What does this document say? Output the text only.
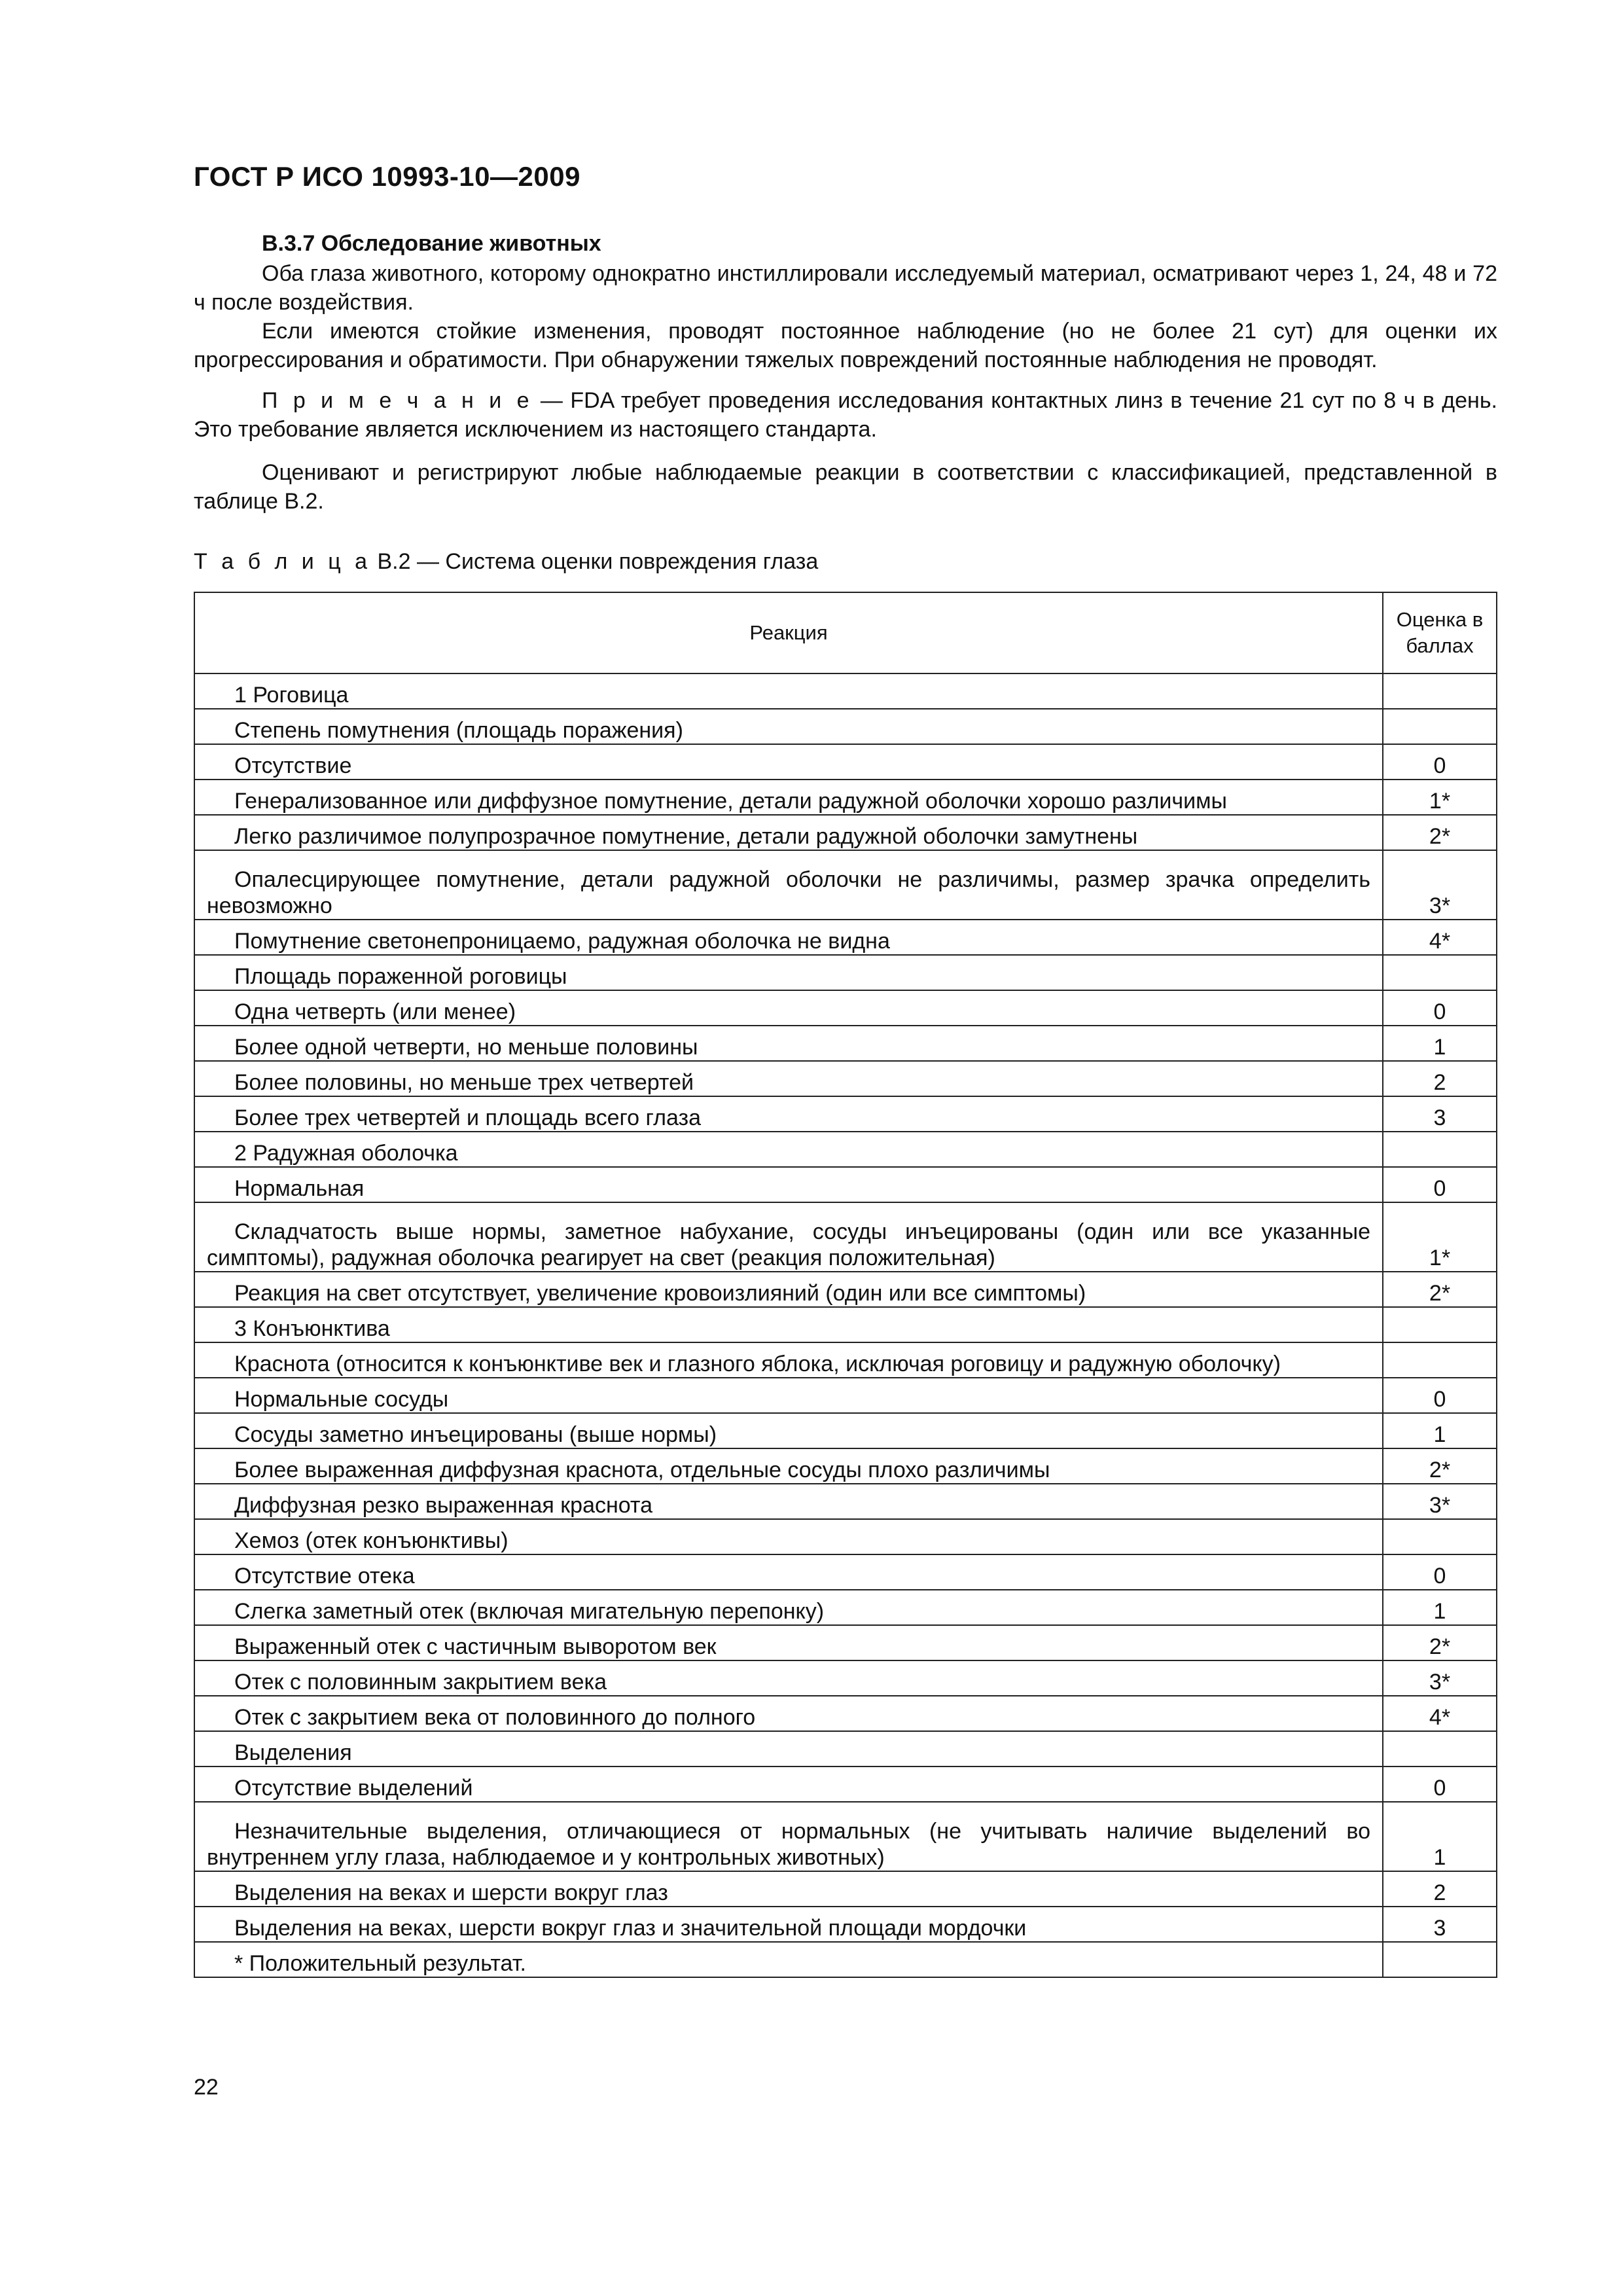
ГОСТ Р ИСО 10993-10—2009
В.3.7 Обследование животных

Оба глаза животного, которому однократно инстиллировали исследуемый материал, осматривают через 1, 24, 48 и 72 ч после воздействия.

Если имеются стойкие изменения, проводят постоянное наблюдение (но не более 21 сут) для оценки их прогрессирования и обратимости. При обнаружении тяжелых повреждений постоянные наблюдения не проводят.

П р и м е ч а н и е — FDA требует проведения исследования контактных линз в течение 21 сут по 8 ч в день. Это требование является исключением из настоящего стандарта.

Оценивают и регистрируют любые наблюдаемые реакции в соответствии с классификацией, представленной в таблице В.2.

Т а б л и ц а В.2 — Система оценки повреждения глаза
Реакция	Оценка в баллах
1 Роговица	
Степень помутнения (площадь поражения)	
Отсутствие	0
Генерализованное или диффузное помутнение, детали радужной оболочки хорошо различимы	1*
Легко различимое полупрозрачное помутнение, детали радужной оболочки замутнены	2*
Опалесцирующее помутнение, детали радужной оболочки не различимы, размер зрачка определить невозможно	3*
Помутнение светонепроницаемо, радужная оболочка не видна	4*
Площадь пораженной роговицы	
Одна четверть (или менее)	0
Более одной четверти, но меньше половины	1
Более половины, но меньше трех четвертей	2
Более трех четвертей и площадь всего глаза	3
2 Радужная оболочка	
Нормальная	0
Складчатость выше нормы, заметное набухание, сосуды инъецированы (один или все указанные симптомы), радужная оболочка реагирует на свет (реакция положительная)	1*
Реакция на свет отсутствует, увеличение кровоизлияний (один или все симптомы)	2*
3 Конъюнктива	
Краснота (относится к конъюнктиве век и глазного яблока, исключая роговицу и радужную оболочку)	
Нормальные сосуды	0
Сосуды заметно инъецированы (выше нормы)	1
Более выраженная диффузная краснота, отдельные сосуды плохо различимы	2*
Диффузная резко выраженная краснота	3*
Хемоз (отек конъюнктивы)	
Отсутствие отека	0
Слегка заметный отек (включая мигательную перепонку)	1
Выраженный отек с частичным выворотом век	2*
Отек с половинным закрытием века	3*
Отек с закрытием века от половинного до полного	4*
Выделения	
Отсутствие выделений	0
Незначительные выделения, отличающиеся от нормальных (не учитывать наличие выделений во внутреннем углу глаза, наблюдаемое и у контрольных животных)	1
Выделения на веках и шерсти вокруг глаз	2
Выделения на веках, шерсти вокруг глаз и значительной площади мордочки	3
* Положительный результат.	
22
